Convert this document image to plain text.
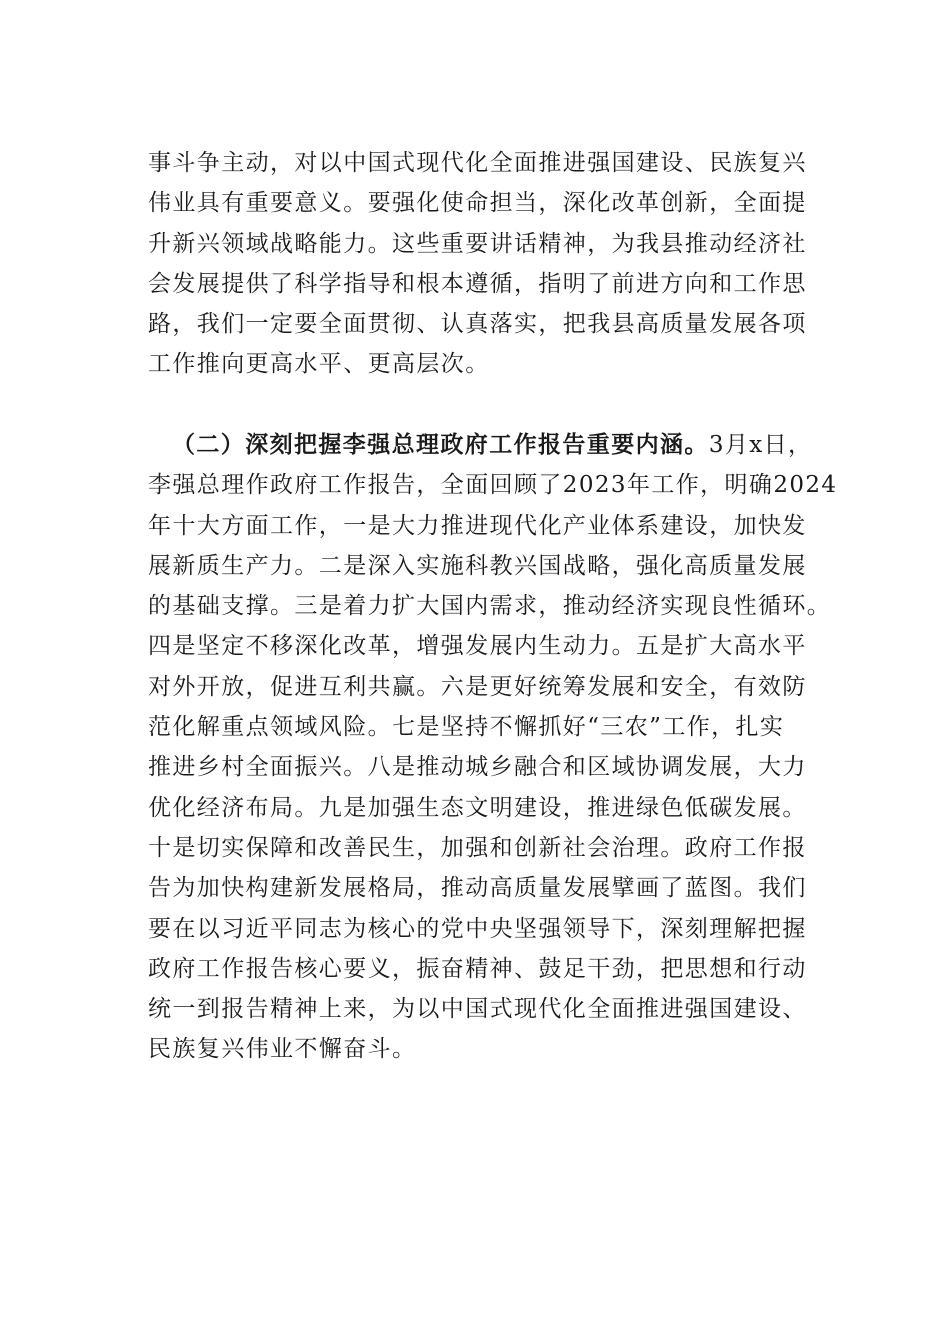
事斗争主动，对以中国式现代化全面推进强国建设、民族复兴
伟业具有重要意义。要强化使命担当，深化改革创新，全面提
升新兴领域战略能力。这些重要讲话精神，为我县推动经济社
会发展提供了科学指导和根本遵循，指明了前进方向和工作思
路，我们一定要全面贯彻、认真落实，把我县高质量发展各项
工作推向更高水平、更高层次。
（二）深刻把握李强总理政府工作报告重要内涵。3月x日，
李强总理作政府工作报告，全面回顾了2023年工作，明确2024
年十大方面工作，一是大力推进现代化产业体系建设，加快发
展新质生产力。二是深入实施科教兴国战略，强化高质量发展
的基础支撑。三是着力扩大国内需求，推动经济实现良性循环。
四是坚定不移深化改革，增强发展内生动力。五是扩大高水平
对外开放，促进互利共赢。六是更好统筹发展和安全，有效防
范化解重点领域风险。七是坚持不懈抓好“三农”工作，扎实
推进乡村全面振兴。八是推动城乡融合和区域协调发展，大力
优化经济布局。九是加强生态文明建设，推进绿色低碳发展。
十是切实保障和改善民生，加强和创新社会治理。政府工作报
告为加快构建新发展格局，推动高质量发展擘画了蓝图。我们
要在以习近平同志为核心的党中央坚强领导下，深刻理解把握
政府工作报告核心要义，振奋精神、鼓足干劲，把思想和行动
统一到报告精神上来，为以中国式现代化全面推进强国建设、
民族复兴伟业不懈奋斗。
